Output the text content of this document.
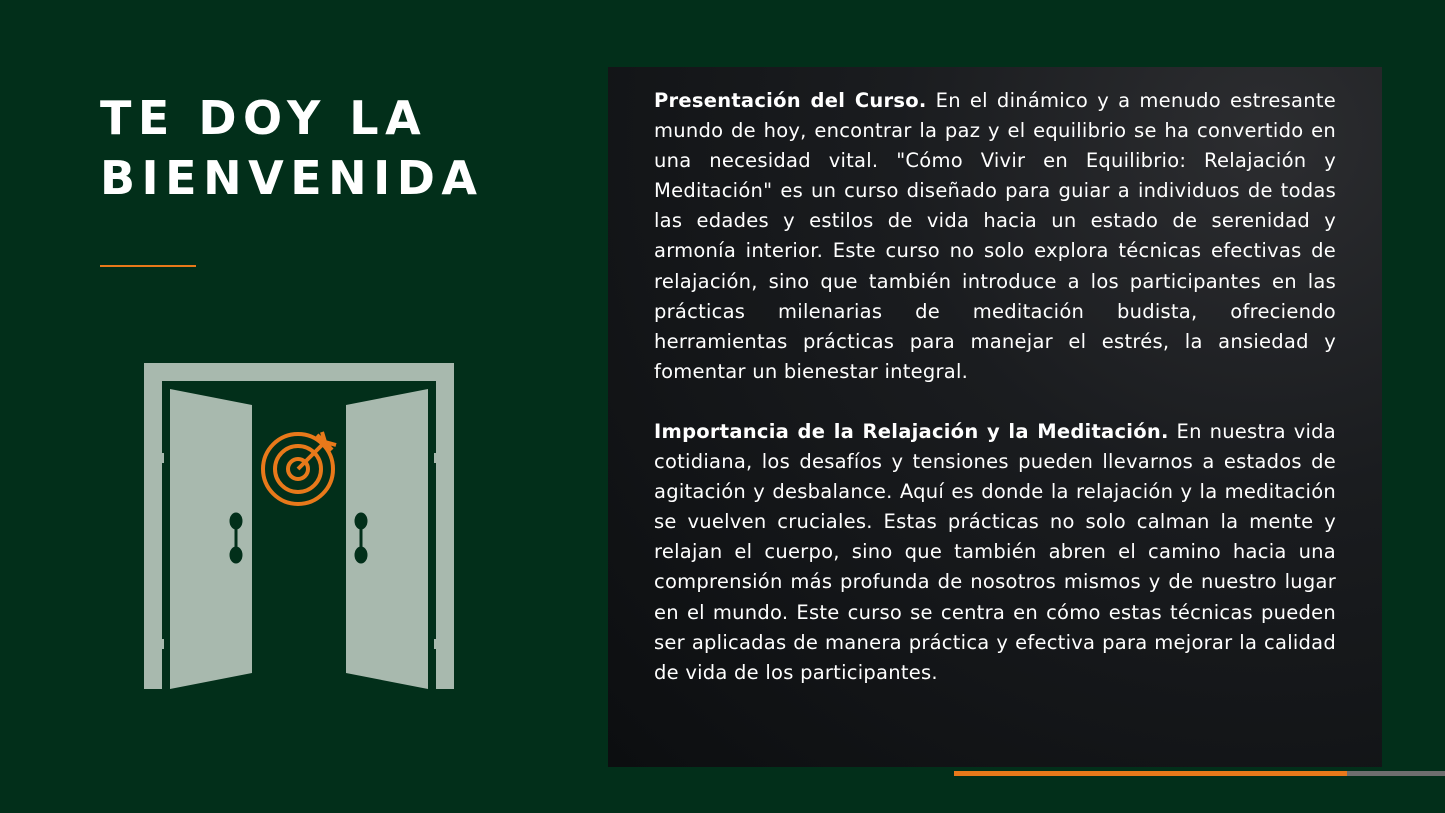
TE DOY LA
BIENVENIDA

Presentación del Curso. En el dinámico y a menudo estresante mundo de hoy, encontrar la paz y el equilibrio se ha convertido en una necesidad vital. "Cómo Vivir en Equilibrio: Relajación y Meditación" es un curso diseñado para guiar a individuos de todas las edades y estilos de vida hacia un estado de serenidad y armonía interior. Este curso no solo explora técnicas efectivas de relajación, sino que también introduce a los participantes en las prácticas milenarias de meditación budista, ofreciendo herramientas prácticas para manejar el estrés, la ansiedad y fomentar un bienestar integral.

Importancia de la Relajación y la Meditación. En nuestra vida cotidiana, los desafíos y tensiones pueden llevarnos a estados de agitación y desbalance. Aquí es donde la relajación y la meditación se vuelven cruciales. Estas prácticas no solo calman la mente y relajan el cuerpo, sino que también abren el camino hacia una comprensión más profunda de nosotros mismos y de nuestro lugar en el mundo. Este curso se centra en cómo estas técnicas pueden ser aplicadas de manera práctica y efectiva para mejorar la calidad de vida de los participantes.
